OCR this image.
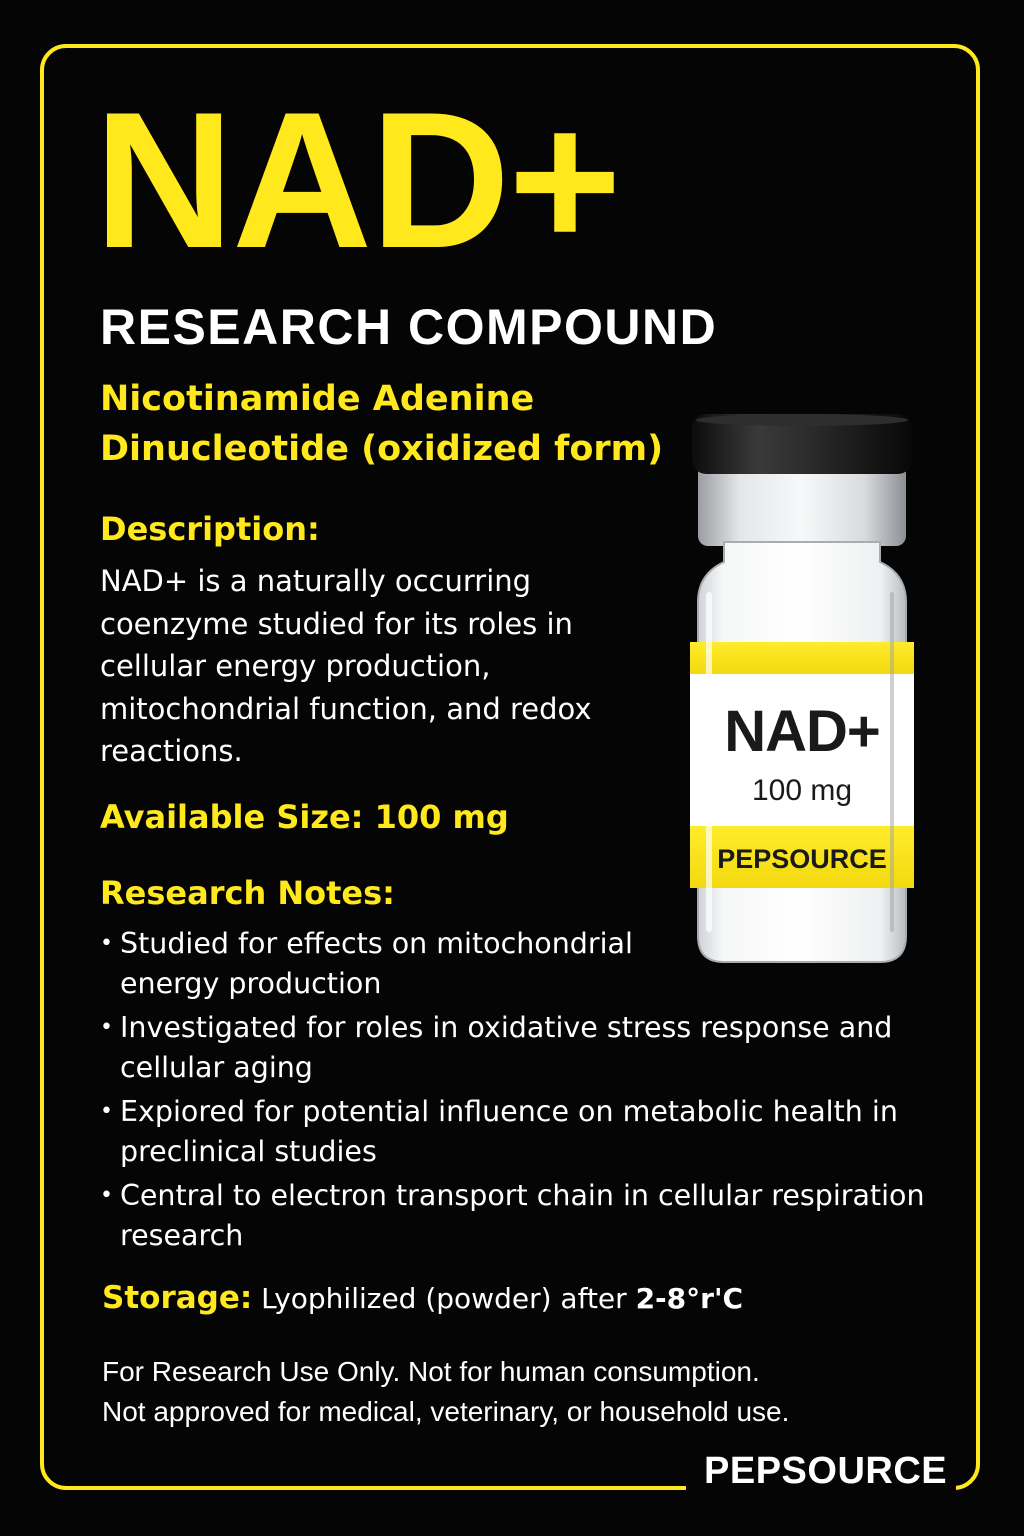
PEPSOURCE
NAD+
RESEARCH COMPOUND
Nicotinamide Adenine
Dinucleotide (oxidized form)
Description:
NAD+ is a naturally occurring coenzyme studied for its roles in cellular energy production, mitochondrial function, and redox reactions.
Available Size: 100 mg
Research Notes:
• Studied for effects on mitochondrial energy production
• Investigated for roles in oxidative stress response and cellular aging
• Expiored for potential influence on metabolic health in preclinical studies
• Central to electron transport chain in cellular respiration research
Storage: Lyophilized (powder) after 2-8°r'C
For Research Use Only. Not for human consumption.
Not approved for medical, veterinary, or household use.
NAD+
100 mg
PEPSOURCE
